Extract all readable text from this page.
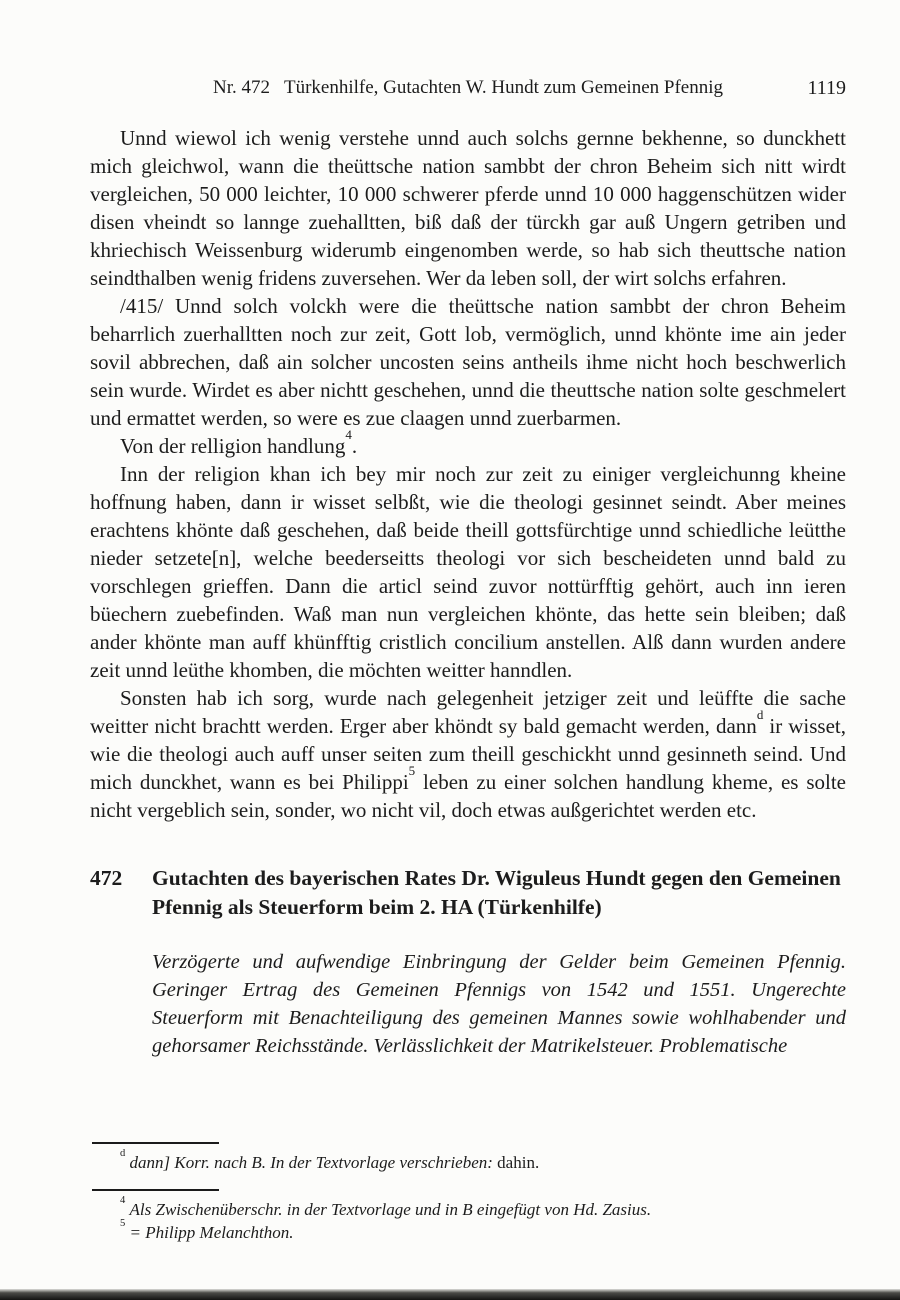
Nr. 472 Türkenhilfe, Gutachten W. Hundt zum Gemeinen Pfennig	1119

Unnd wiewol ich wenig verstehe unnd auch solchs gernne bekhenne, so dunckhett mich gleichwol, wann die theüttsche nation sambbt der chron Beheim sich nitt wirdt vergleichen, 50 000 leichter, 10 000 schwerer pferde unnd 10 000 haggenschützen wider disen vheindt so lannge zuehalltten, biß daß der türckh gar auß Ungern getriben und khriechisch Weissenburg widerumb eingenomben werde, so hab sich theuttsche nation seindthalben wenig fridens zuversehen. Wer da leben soll, der wirt solchs erfahren.

/415/ Unnd solch volckh were die theüttsche nation sambbt der chron Beheim beharrlich zuerhalltten noch zur zeit, Gott lob, vermöglich, unnd khönte ime ain jeder sovil abbrechen, daß ain solcher uncosten seins antheils ihme nicht hoch beschwerlich sein wurde. Wirdet es aber nichtt geschehen, unnd die theuttsche nation solte geschmelert und ermattet werden, so were es zue claagen unnd zuerbarmen.

Von der relligion handlung$^4$.

Inn der religion khan ich bey mir noch zur zeit zu einiger vergleichunng kheine hoffnung haben, dann ir wisset selbßt, wie die theologi gesinnet seindt. Aber meines erachtens khönte daß geschehen, daß beide theill gottsfürchtige unnd schiedliche leütthe nieder setzete[n], welche beederseitts theologi vor sich bescheideten unnd bald zu vorschlegen grieffen. Dann die articl seind zuvor nottürfftig gehört, auch inn ieren büechern zuebefinden. Waß man nun vergleichen khönte, das hette sein bleiben; daß ander khönte man auff khünfftig cristlich concilium anstellen. Alß dann wurden andere zeit unnd leüthe khomben, die möchten weitter hanndlen.

Sonsten hab ich sorg, wurde nach gelegenheit jetziger zeit und leüffte die sache weitter nicht brachtt werden. Erger aber khöndt sy bald gemacht werden, dann$^d$ ir wisset, wie die theologi auch auff unser seiten zum theill geschickht unnd gesinneth seind. Und mich dunckhet, wann es bei Philippi$^5$ leben zu einer solchen handlung kheme, es solte nicht vergeblich sein, sonder, wo nicht vil, doch etwas außgerichtet werden etc.

472	Gutachten des bayerischen Rates Dr. Wiguleus Hundt gegen den Gemeinen Pfennig als Steuerform beim 2. HA (Türkenhilfe)

Verzögerte und aufwendige Einbringung der Gelder beim Gemeinen Pfennig. Geringer Ertrag des Gemeinen Pfennigs von 1542 und 1551. Ungerechte Steuerform mit Benachteiligung des gemeinen Mannes sowie wohlhabender und gehorsamer Reichsstände. Verlässlichkeit der Matrikelsteuer. Problematische

$^d$ dann] Korr. nach B. In der Textvorlage verschrieben: dahin.

$^4$ Als Zwischenüberschr. in der Textvorlage und in B eingefügt von Hd. Zasius.

$^5$ = Philipp Melanchthon.
